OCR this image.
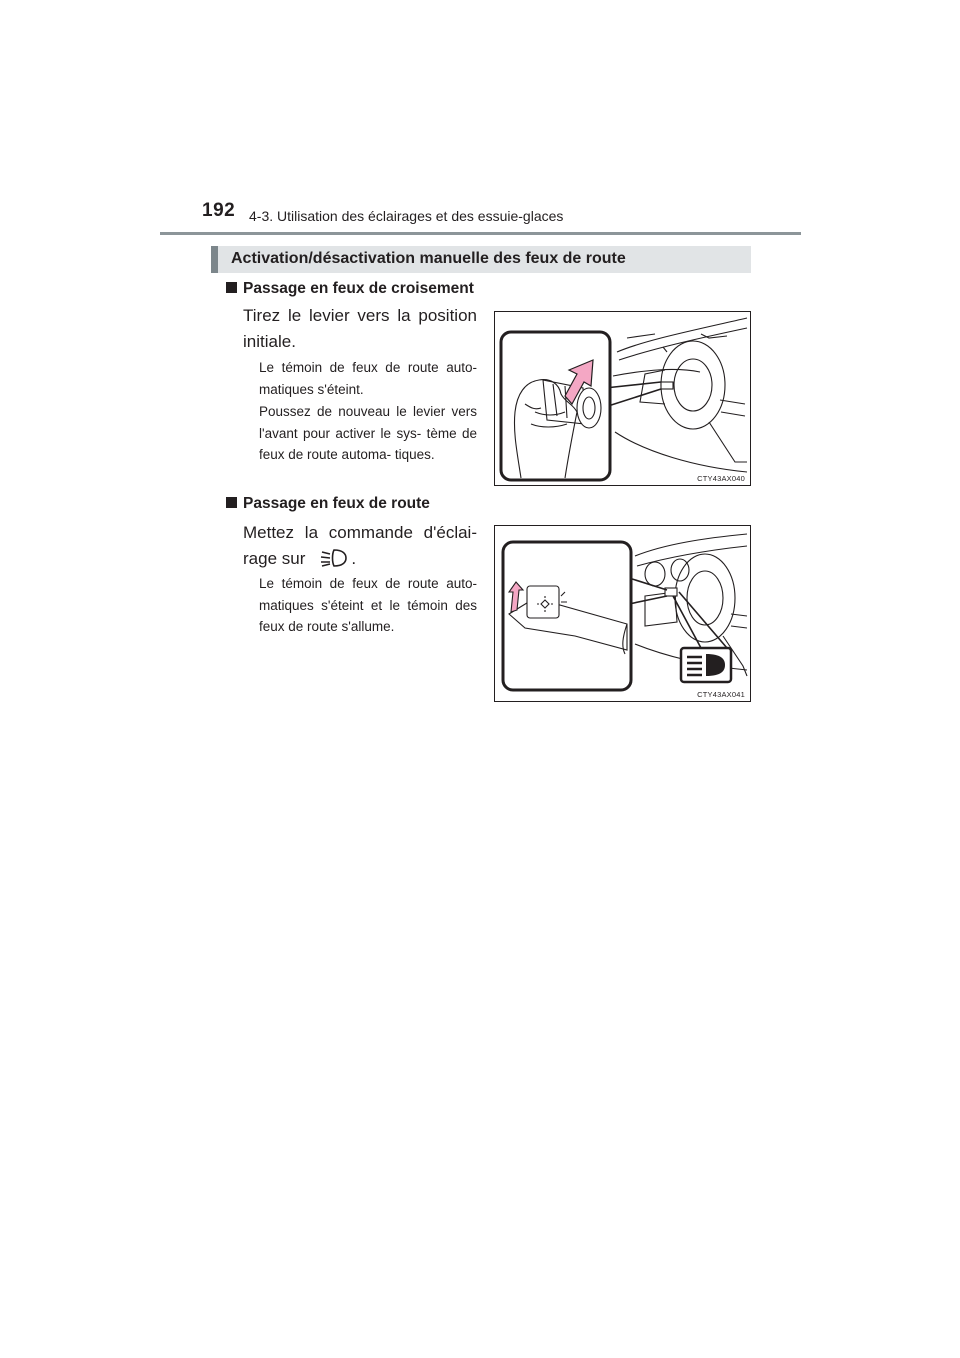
192 4-3. Utilisation des éclairages et des essuie-glaces
Activation/désactivation manuelle des feux de route
Passage en feux de croisement
Tirez le levier vers la position initiale.
Le témoin de feux de route auto- matiques s'éteint.
Poussez de nouveau le levier vers l'avant pour activer le sys- tème de feux de route automa- tiques.
CTY43AX040
Passage en feux de route
Mettez la commande d'éclai- rage sur	.
Le témoin de feux de route auto- matiques s'éteint et le témoin des feux de route s'allume.
CTY43AX041
